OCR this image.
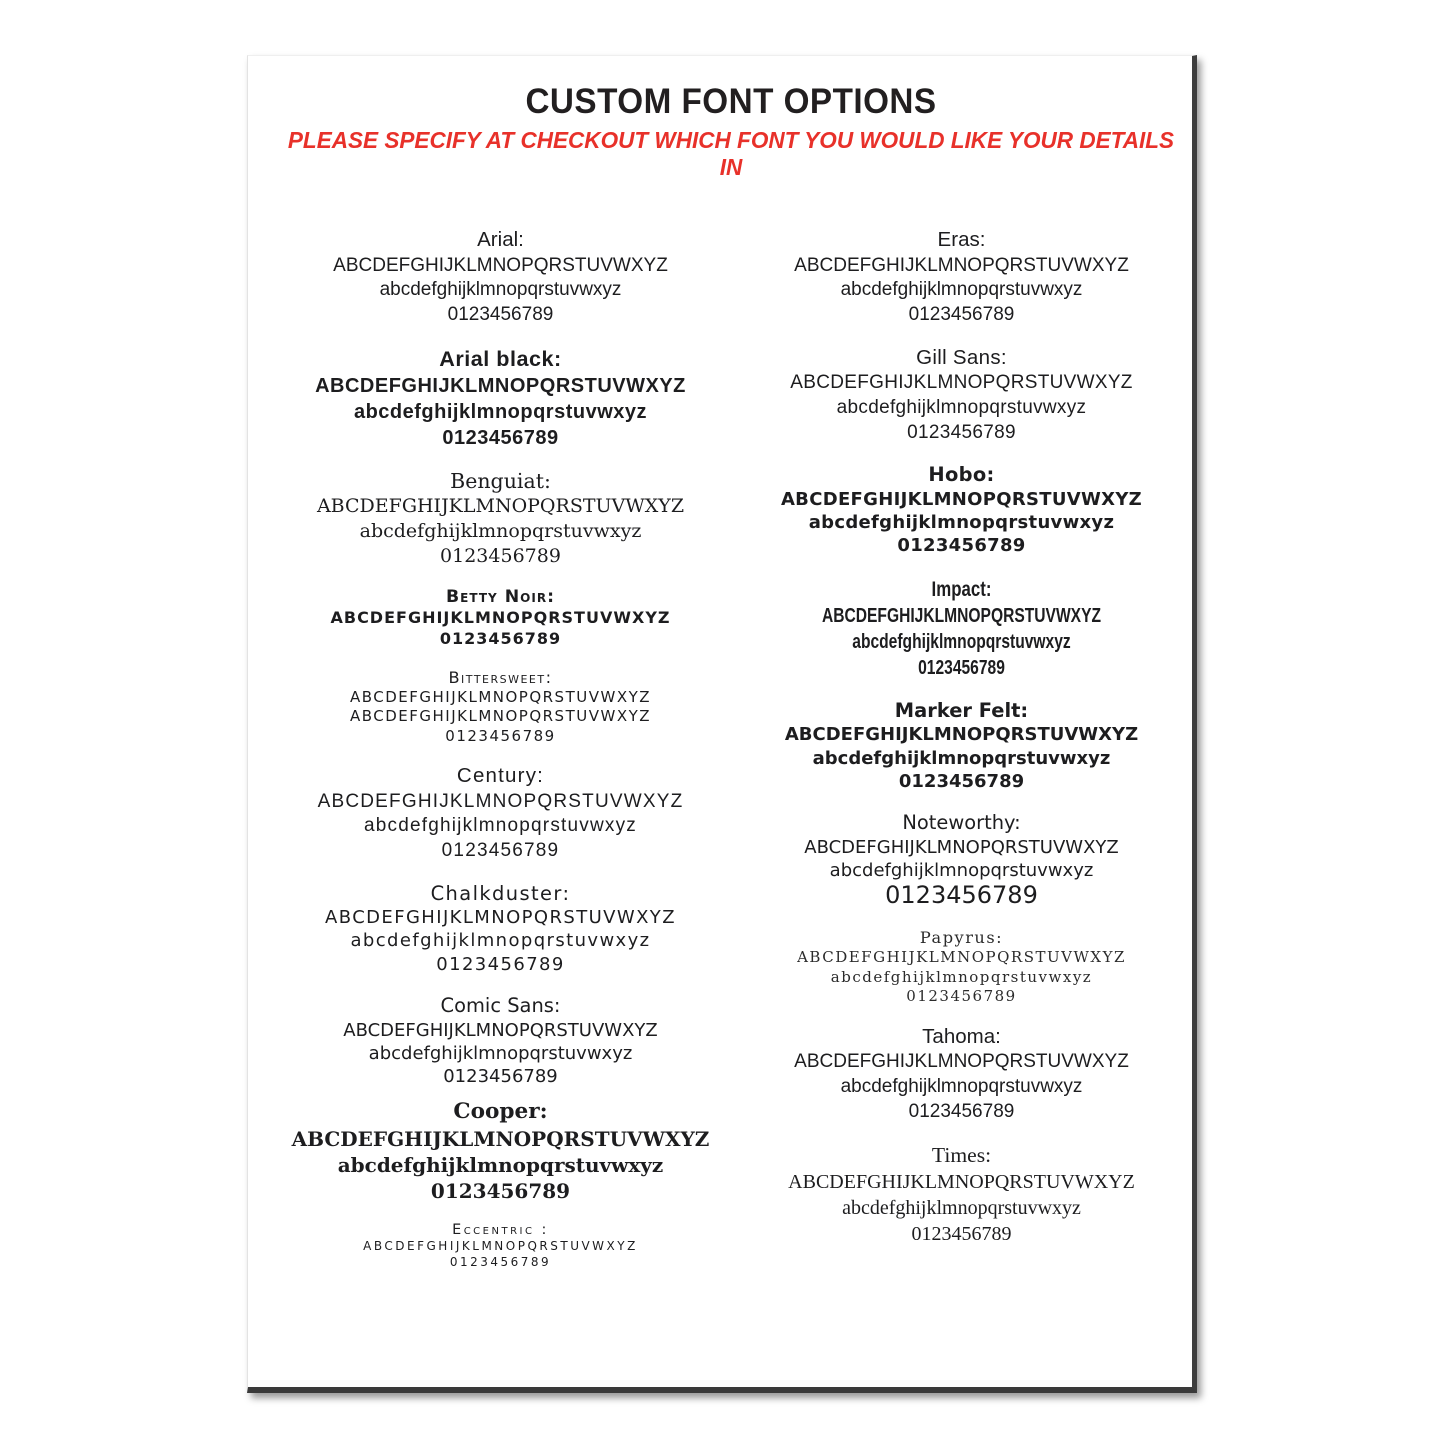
CUSTOM FONT OPTIONS
PLEASE SPECIFY AT CHECKOUT WHICH FONT YOU WOULD LIKE YOUR DETAILS IN
Arial:
ABCDEFGHIJKLMNOPQRSTUVWXYZ
abcdefghijklmnopqrstuvwxyz
0123456789
Arial black:
ABCDEFGHIJKLMNOPQRSTUVWXYZ
abcdefghijklmnopqrstuvwxyz
0123456789
Benguiat:
ABCDEFGHIJKLMNOPQRSTUVWXYZ
abcdefghijklmnopqrstuvwxyz
0123456789
Betty Noir:
ABCDEFGHIJKLMNOPQRSTUVWXYZ
0123456789
Bittersweet:
ABCDEFGHIJKLMNOPQRSTUVWXYZ
ABCDEFGHIJKLMNOPQRSTUVWXYZ
0123456789
Century:
ABCDEFGHIJKLMNOPQRSTUVWXYZ
abcdefghijklmnopqrstuvwxyz
0123456789
Chalkduster:
ABCDEFGHIJKLMNOPQRSTUVWXYZ
abcdefghijklmnopqrstuvwxyz
0123456789
Comic Sans:
ABCDEFGHIJKLMNOPQRSTUVWXYZ
abcdefghijklmnopqrstuvwxyz
0123456789
Cooper:
ABCDEFGHIJKLMNOPQRSTUVWXYZ
abcdefghijklmnopqrstuvwxyz
0123456789
Eccentric :
ABCDEFGHIJKLMNOPQRSTUVWXYZ
0123456789
Eras:
ABCDEFGHIJKLMNOPQRSTUVWXYZ
abcdefghijklmnopqrstuvwxyz
0123456789
Gill Sans:
ABCDEFGHIJKLMNOPQRSTUVWXYZ
abcdefghijklmnopqrstuvwxyz
0123456789
Hobo:
ABCDEFGHIJKLMNOPQRSTUVWXYZ
abcdefghijklmnopqrstuvwxyz
0123456789
Impact:
ABCDEFGHIJKLMNOPQRSTUVWXYZ
abcdefghijklmnopqrstuvwxyz
0123456789
Marker Felt:
ABCDEFGHIJKLMNOPQRSTUVWXYZ
abcdefghijklmnopqrstuvwxyz
0123456789
Noteworthy:
ABCDEFGHIJKLMNOPQRSTUVWXYZ
abcdefghijklmnopqrstuvwxyz
0123456789
Papyrus:
ABCDEFGHIJKLMNOPQRSTUVWXYZ
abcdefghijklmnopqrstuvwxyz
0123456789
Tahoma:
ABCDEFGHIJKLMNOPQRSTUVWXYZ
abcdefghijklmnopqrstuvwxyz
0123456789
Times:
ABCDEFGHIJKLMNOPQRSTUVWXYZ
abcdefghijklmnopqrstuvwxyz
0123456789
